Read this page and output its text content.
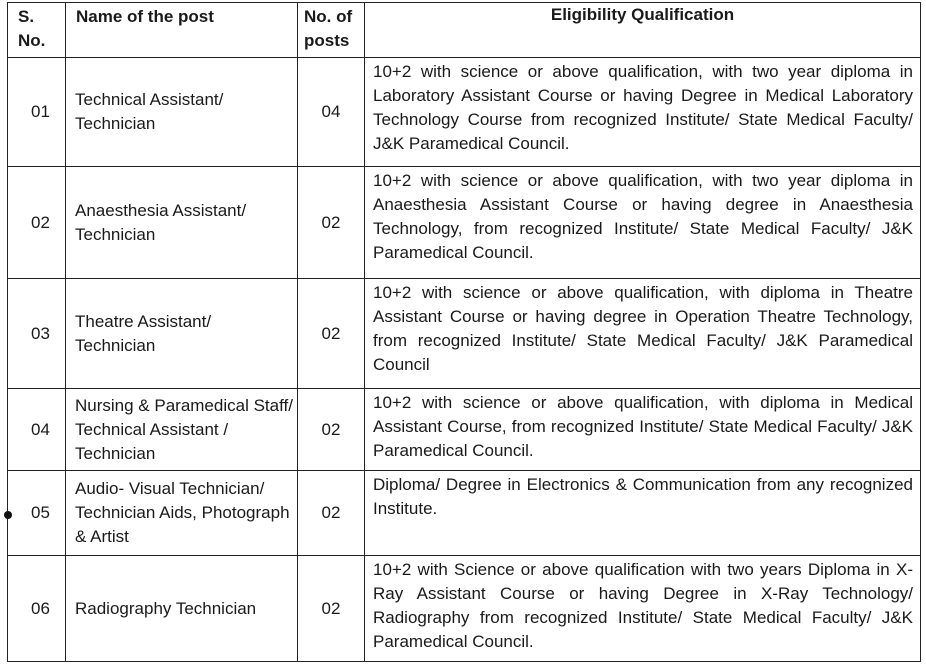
S. No.	Name of the post	No. of posts	Eligibility Qualification
01	Technical Assistant/ Technician	04	10+2 with science or above qualification, with two year diploma in Laboratory Assistant Course or having Degree in Medical Laboratory Technology Course from recognized Institute/ State Medical Faculty/ J&K Paramedical Council.
02	Anaesthesia Assistant/ Technician	02	10+2 with science or above qualification, with two year diploma in Anaesthesia Assistant Course or having degree in Anaesthesia Technology, from recognized Institute/ State Medical Faculty/ J&K Paramedical Council.
03	Theatre Assistant/ Technician	02	10+2 with science or above qualification, with diploma in Theatre Assistant Course or having degree in Operation Theatre Technology, from recognized Institute/ State Medical Faculty/ J&K Paramedical Council
04	Nursing & Paramedical Staff/ Technical Assistant / Technician	02	10+2 with science or above qualification, with diploma in Medical Assistant Course, from recognized Institute/ State Medical Faculty/ J&K Paramedical Council.
05	Audio- Visual Technician/ Technician Aids, Photograph & Artist	02	Diploma/ Degree in Electronics & Communication from any recognized Institute.
06	Radiography Technician	02	10+2 with Science or above qualification with two years Diploma in X-Ray Assistant Course or having Degree in X-Ray Technology/ Radiography from recognized Institute/ State Medical Faculty/ J&K Paramedical Council.
